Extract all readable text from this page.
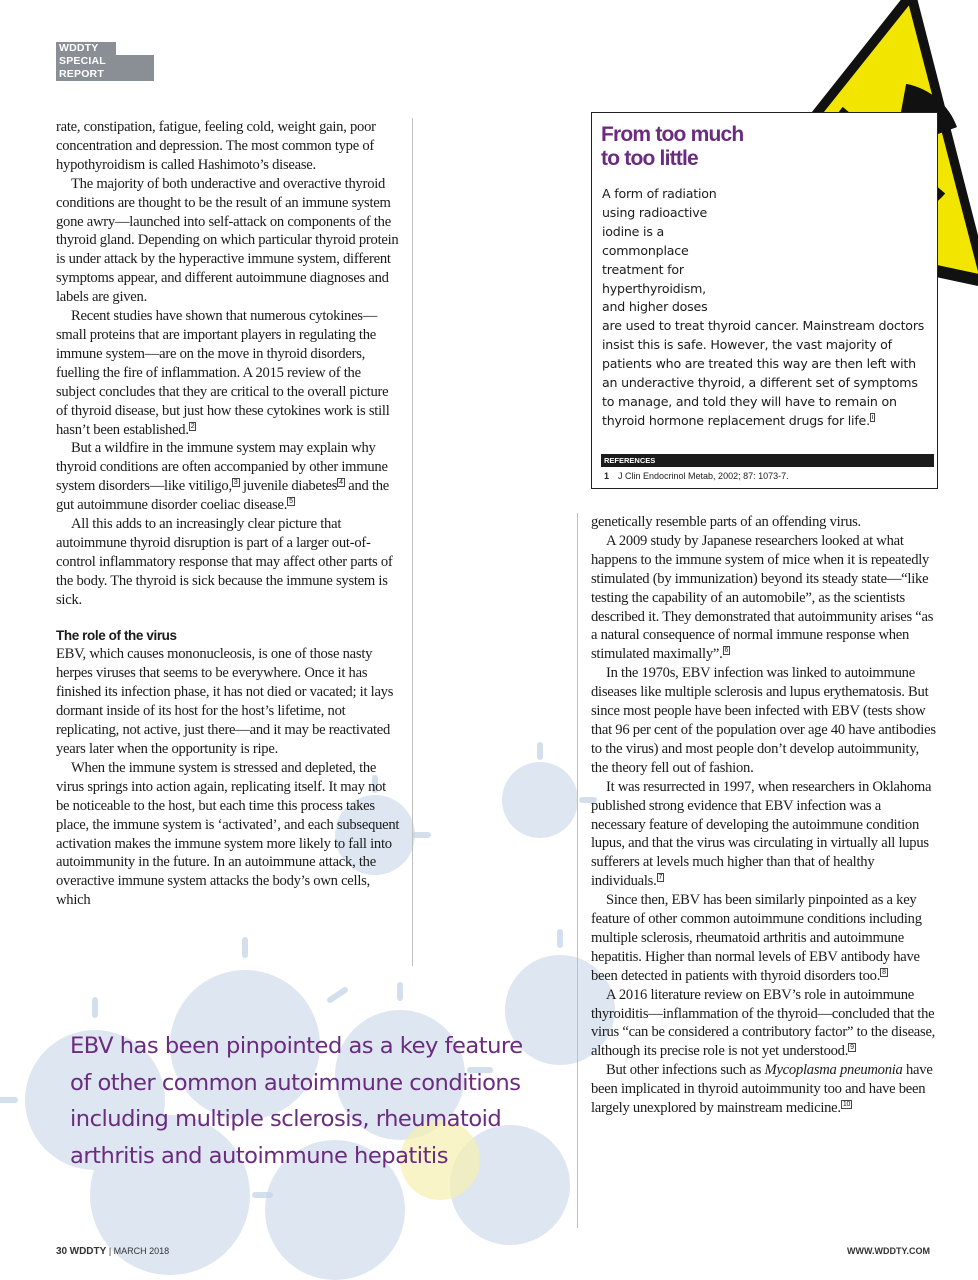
WDDTY
SPECIAL REPORT
From too much
to too little
A form of radiation
using radioactive
iodine is a
commonplace
treatment for
hyperthyroidism,
and higher doses
are used to treat thyroid cancer. Mainstream doctors insist this is safe. However, the vast majority of patients who are treated this way are then left with an underactive thyroid, a different set of symptoms to manage, and told they will have to remain on thyroid hormone replacement drugs for life. $^i$
REFERENCES
1 J Clin Endocrinol Metab, 2002; 87: 1073-7.

rate, constipation, fatigue, feeling cold, weight gain, poor concentration and depression. The most common type of hypothyroidism is called Hashimoto’s disease.

The majority of both underactive and overactive thyroid conditions are thought to be the result of an immune system gone awry—launched into self-attack on components of the thyroid gland. Depending on which particular thyroid protein is under attack by the hyperactive immune system, different symptoms appear, and different autoimmune diagnoses and labels are given.

Recent studies have shown that numerous cytokines—small proteins that are important players in regulating the immune system—are on the move in thyroid disorders, fuelling the fire of inflammation. A 2015 review of the subject concludes that they are critical to the overall picture of thyroid disease, but just how these cytokines work is still hasn’t been established. $^2$

But a wildfire in the immune system may explain why thyroid conditions are often accompanied by other immune system disorders—like vitiligo, $^3$ juvenile diabetes $^4$ and the gut autoimmune disorder coeliac disease. $^5$

All this adds to an increasingly clear picture that autoimmune thyroid disruption is part of a larger out-of-control inflammatory response that may affect other parts of the body. The thyroid is sick because the immune system is sick.

The role of the virus

EBV, which causes mononucleosis, is one of those nasty herpes viruses that seems to be everywhere. Once it has finished its infection phase, it has not died or vacated; it lays dormant inside of its host for the host’s lifetime, not replicating, not active, just there—and it may be reactivated years later when the opportunity is ripe.

When the immune system is stressed and depleted, the virus springs into action again, replicating itself. It may not be noticeable to the host, but each time this process takes place, the immune system is ‘activated’, and each subsequent activation makes the immune system more likely to fall into autoimmunity in the future. In an autoimmune attack, the overactive immune system attacks the body’s own cells, which

genetically resemble parts of an offending virus.

A 2009 study by Japanese researchers looked at what happens to the immune system of mice when it is repeatedly stimulated (by immunization) beyond its steady state—“like testing the capability of an automobile”, as the scientists described it. They demonstrated that autoimmunity arises “as a natural consequence of normal immune response when stimulated maximally”. $^6$

In the 1970s, EBV infection was linked to autoimmune diseases like multiple sclerosis and lupus erythematosis. But since most people have been infected with EBV (tests show that 96 per cent of the population over age 40 have antibodies to the virus) and most people don’t develop autoimmunity, the theory fell out of fashion.

It was resurrected in 1997, when researchers in Oklahoma published strong evidence that EBV infection was a necessary feature of developing the autoimmune condition lupus, and that the virus was circulating in virtually all lupus sufferers at levels much higher than that of healthy individuals. $^7$

Since then, EBV has been similarly pinpointed as a key feature of other common autoimmune conditions including multiple sclerosis, rheumatoid arthritis and autoimmune hepatitis. Higher than normal levels of EBV antibody have been detected in patients with thyroid disorders too. $^8$

A 2016 literature review on EBV’s role in autoimmune thyroiditis—inflammation of the thyroid—concluded that the virus “can be considered a contributory factor” to the disease, although its precise role is not yet understood. $^9$

But other infections such as Mycoplasma pneumonia have been implicated in thyroid autoimmunity too and have been largely unexplored by mainstream medicine. $^{10}$

EBV has been pinpointed as a key feature of other common autoimmune conditions including multiple sclerosis, rheumatoid arthritis and autoimmune hepatitis

30 WDDTY | MARCH 2018	WWW.WDDTY.COM
